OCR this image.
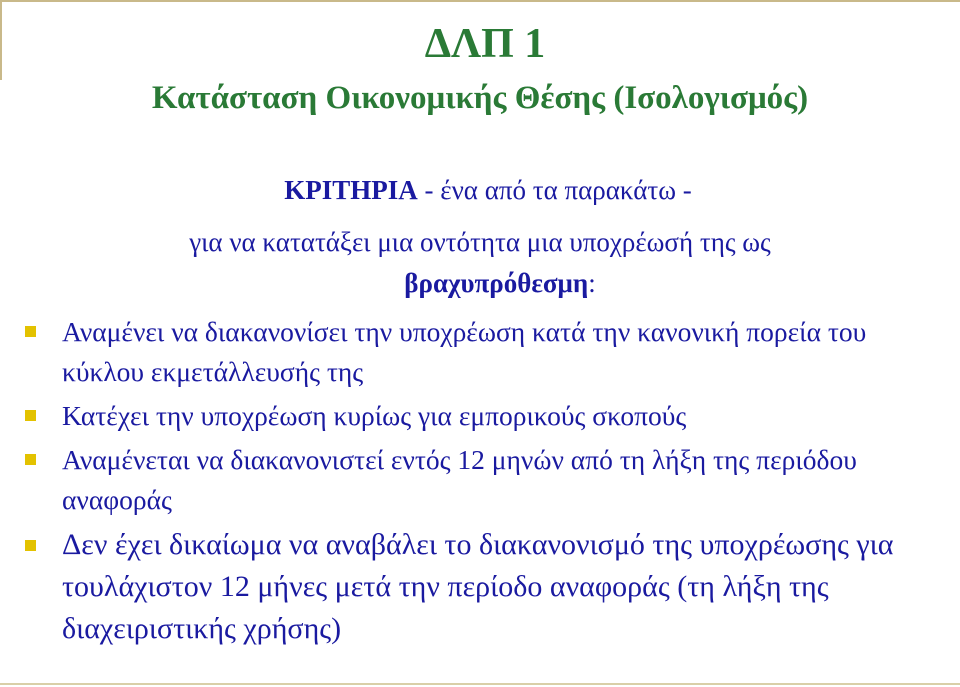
ΔΛΠ 1
Κατάσταση Οικονομικής Θέσης (Ισολογισμός)
ΚΡΙΤΗΡΙΑ - ένα από τα παρακάτω -
για να κατατάξει μια οντότητα μια υποχρέωσή της ως
βραχυπρόθεσμη:
Αναμένει να διακανονίσει την υποχρέωση κατά την κανονική πορεία του κύκλου εκμετάλλευσής της
Κατέχει την υποχρέωση κυρίως για εμπορικούς σκοπούς
Αναμένεται να διακανονιστεί εντός 12 μηνών από τη λήξη της περιόδου αναφοράς
Δεν έχει δικαίωμα να αναβάλει το διακανονισμό της υποχρέωσης για τουλάχιστον 12 μήνες μετά την περίοδο αναφοράς (τη λήξη της διαχειριστικής χρήσης)
